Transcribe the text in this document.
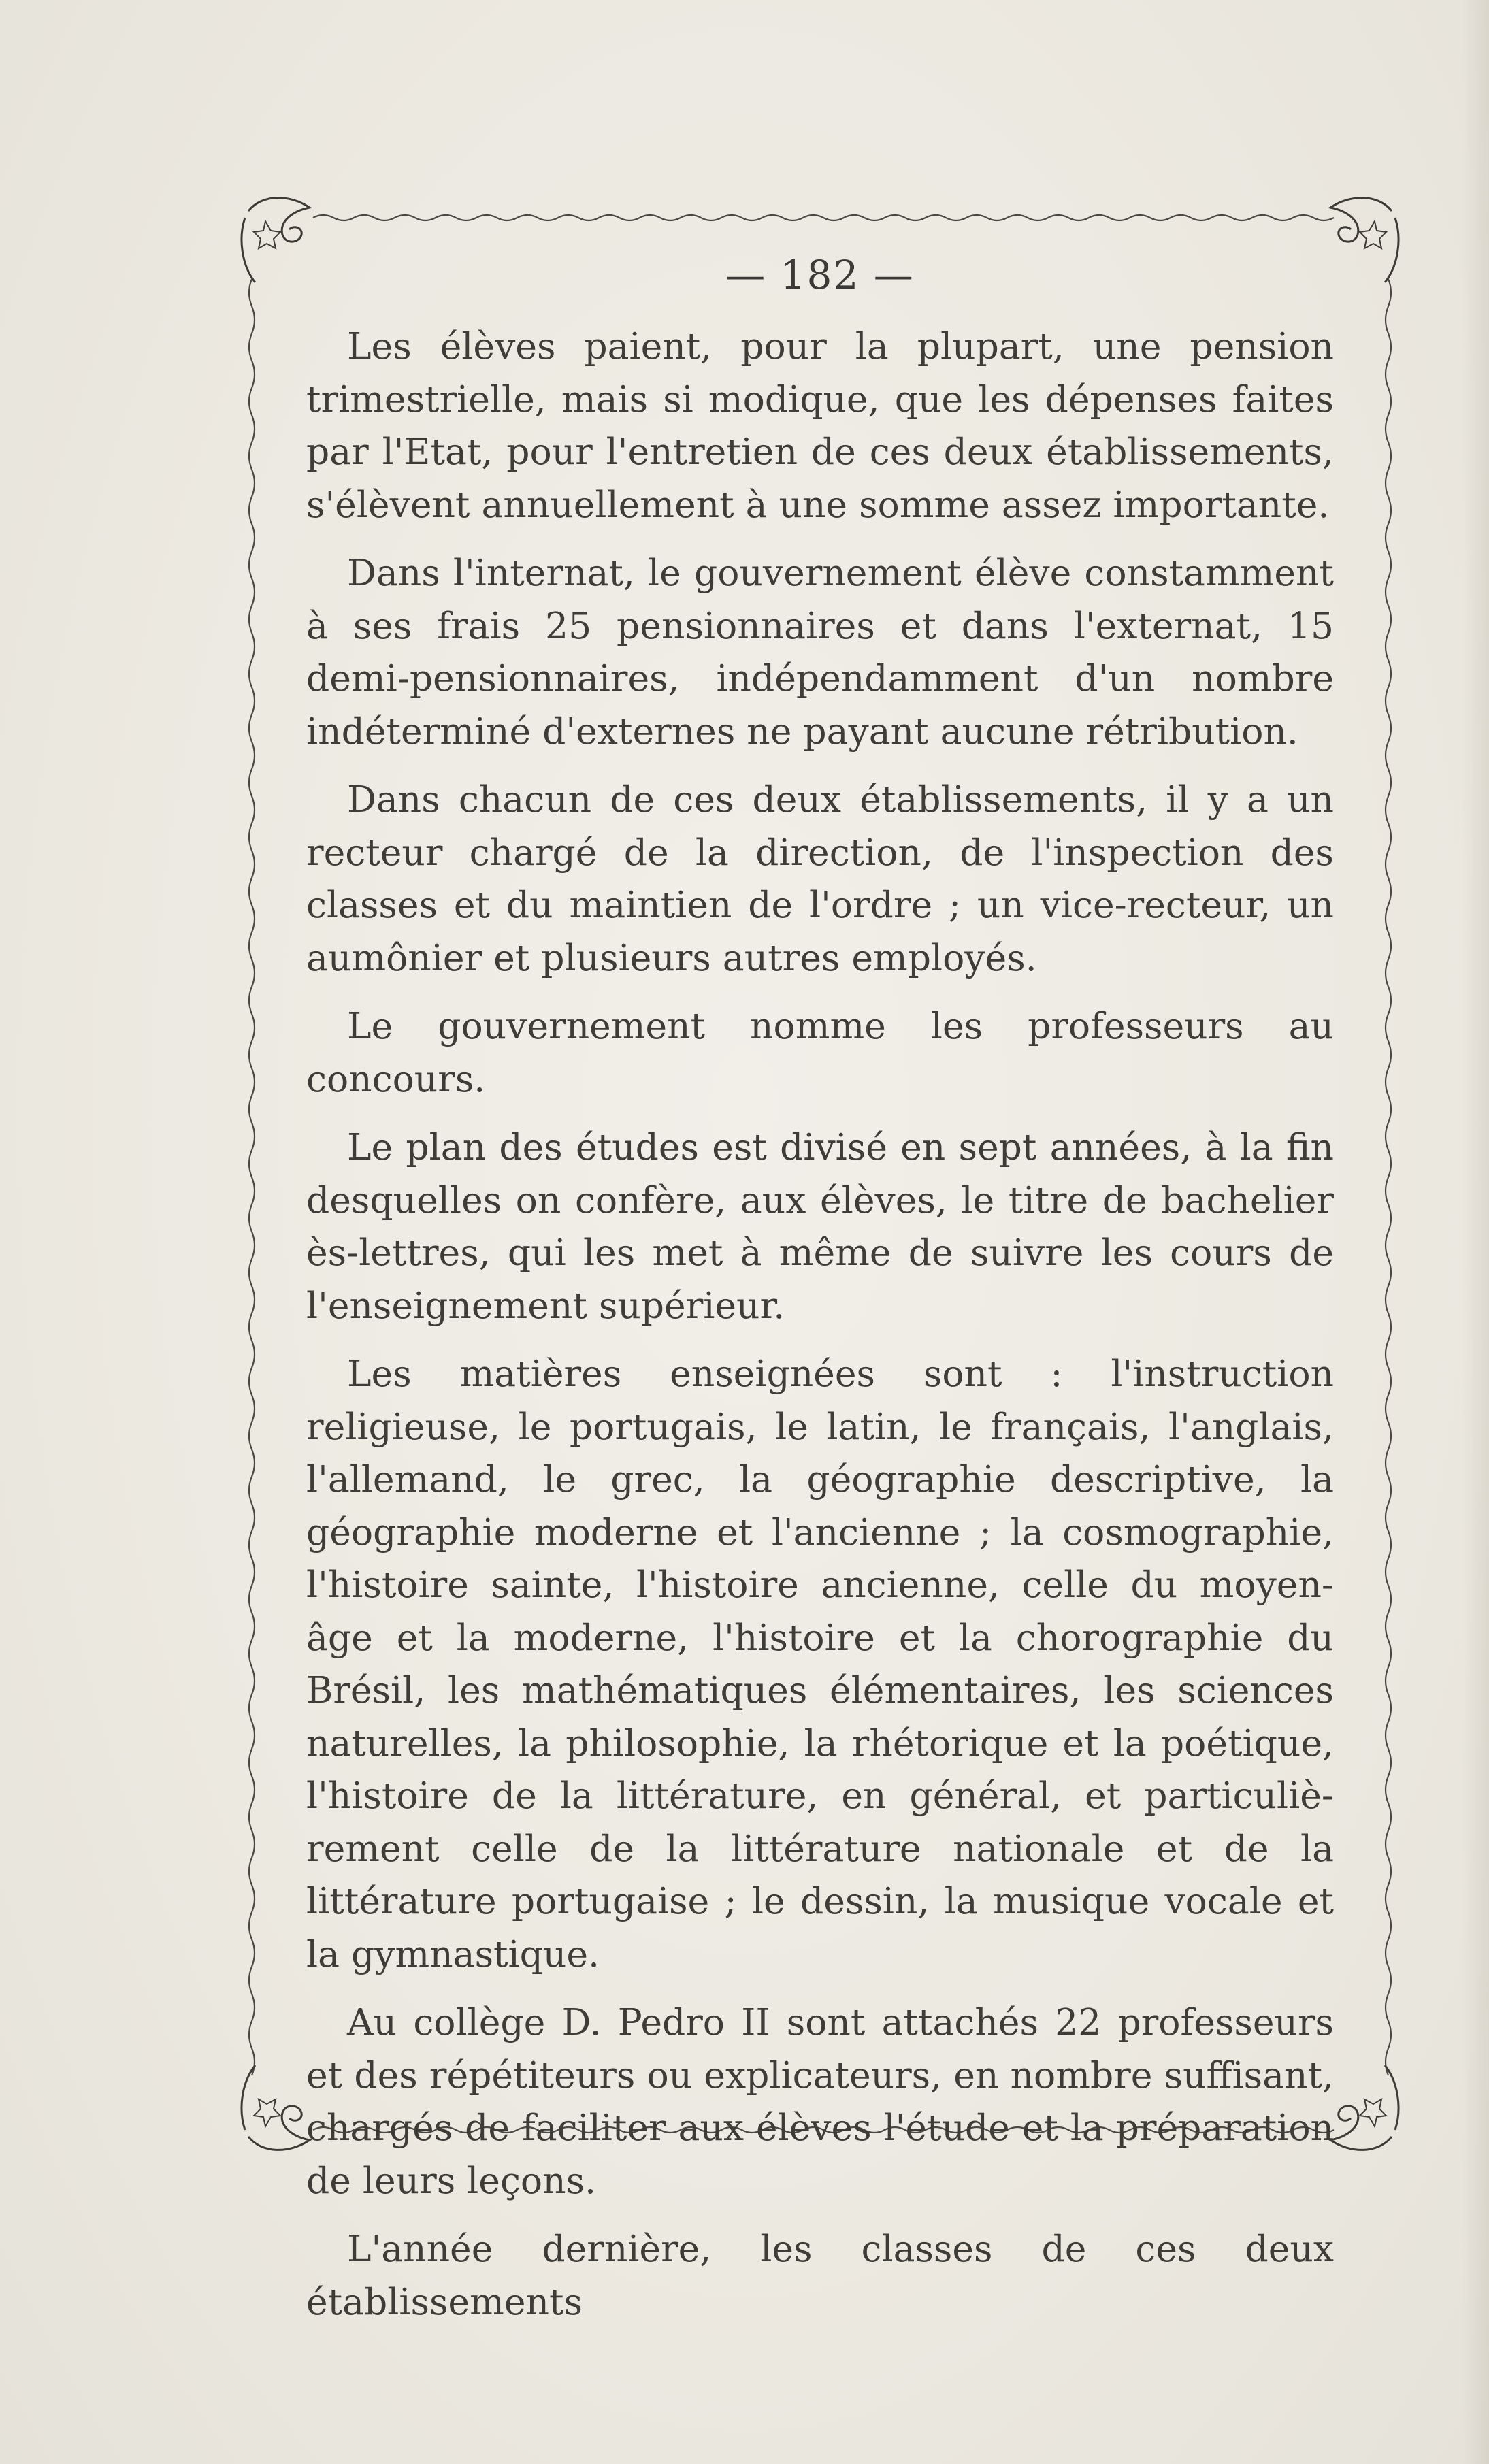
— 182 —

Les élèves paient, pour la plupart, une pension trimestrielle, mais si modique, que les dépenses faites par l'Etat, pour l'entretien de ces deux établissements, s'élèvent annuellement à une somme assez importante.

Dans l'internat, le gouvernement élève constamment à ses frais 25 pensionnaires et dans l'externat, 15 demi-pensionnaires, indépendamment d'un nombre indéterminé d'externes ne payant aucune rétribution.

Dans chacun de ces deux établissements, il y a un recteur chargé de la direction, de l'inspection des classes et du maintien de l'ordre ; un vice-recteur, un aumônier et plusieurs autres employés.

Le gouvernement nomme les professeurs au concours.

Le plan des études est divisé en sept années, à la fin desquelles on confère, aux élèves, le titre de bachelier ès-lettres, qui les met à même de suivre les cours de l'enseignement supérieur.

Les matières enseignées sont : l'instruction religieuse, le portugais, le latin, le français, l'anglais, l'allemand, le grec, la géographie descriptive, la géographie moderne et l'ancienne ; la cosmographie, l'histoire sainte, l'histoire ancienne, celle du moyen-âge et la moderne, l'histoire et la chorographie du Brésil, les mathématiques élémentaires, les sciences naturelles, la philosophie, la rhétorique et la poétique, l'histoire de la littérature, en général, et particulièrement celle de la littérature nationale et de la littérature portugaise ; le dessin, la musique vocale et la gymnastique.

Au collège D. Pedro II sont attachés 22 professeurs et des répétiteurs ou explicateurs, en nombre suffisant, chargés de faciliter aux élèves l'étude et la préparation de leurs leçons.

L'année dernière, les classes de ces deux établissements
